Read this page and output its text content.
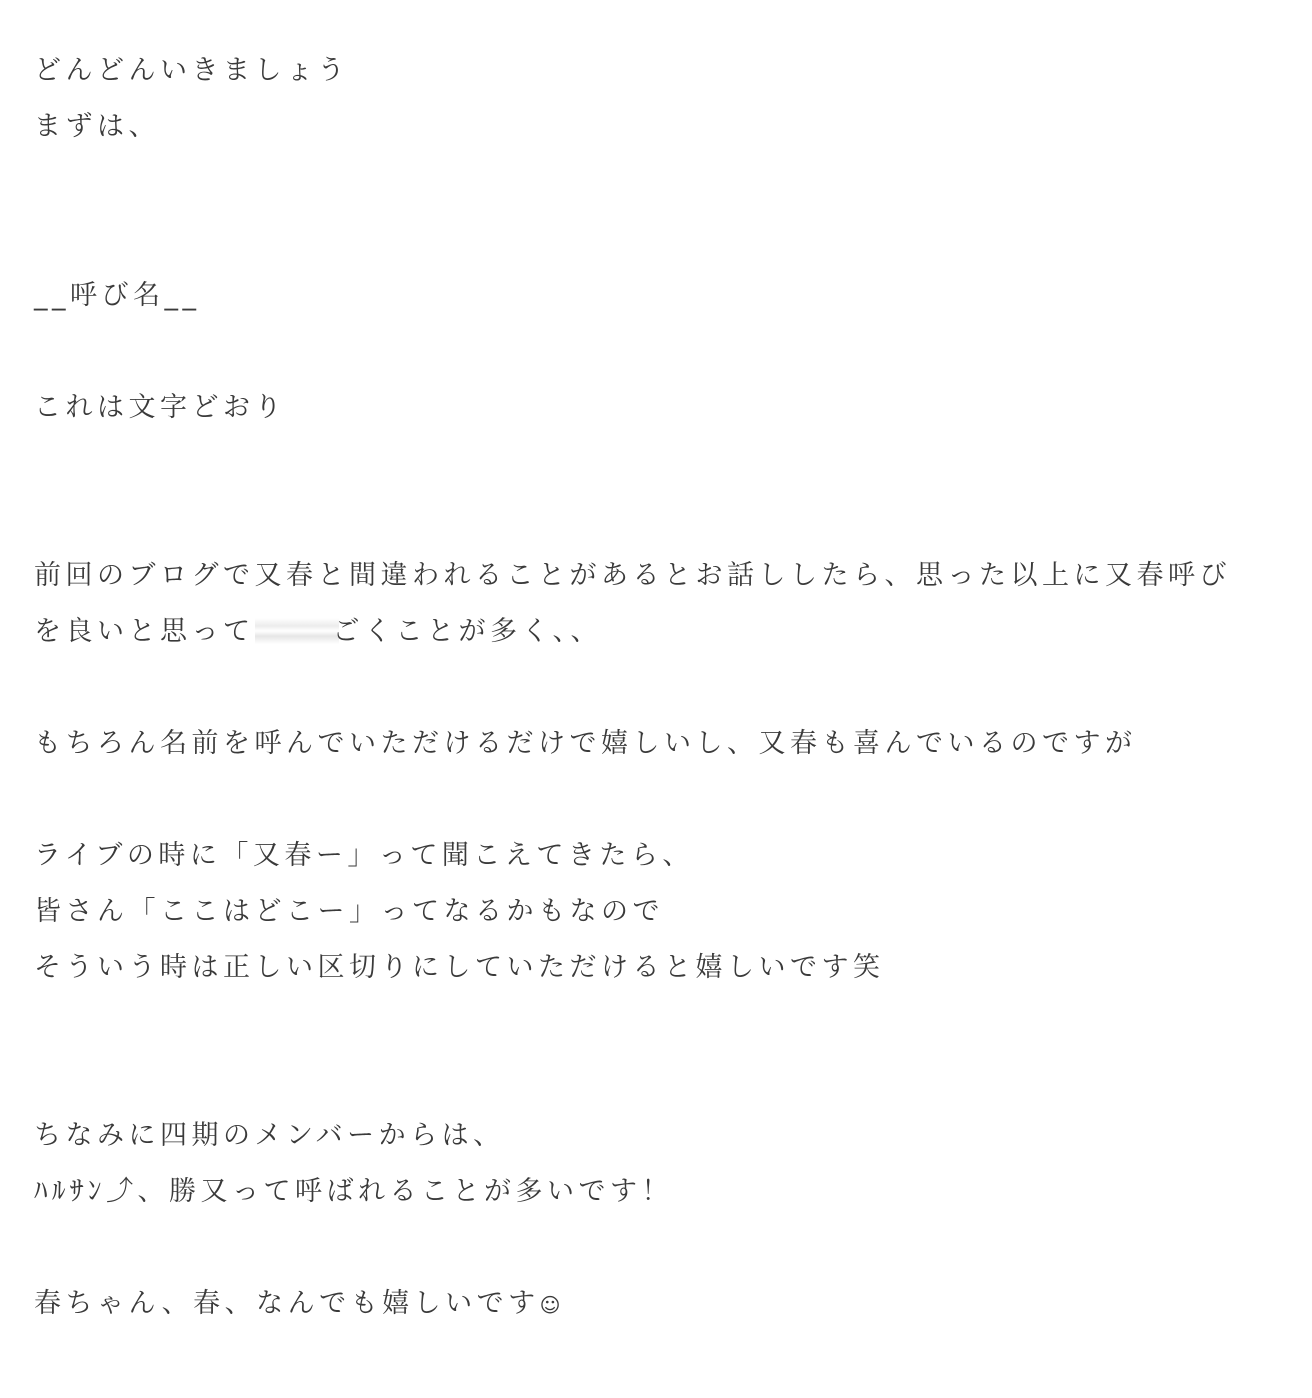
どんどんいきましょう
まずは、
__呼び名__
これは文字どおり
前回のブログで又春と間違われることがあるとお話ししたら、思った以上に又春呼び
を良いと思って	ごくことが多く、、
もちろん名前を呼んでいただけるだけで嬉しいし、又春も喜んでいるのですが
ライブの時に「又春ー」って聞こえてきたら、
皆さん「ここはどこー」ってなるかもなので
そういう時は正しい区切りにしていただけると嬉しいです笑
ちなみに四期のメンバーからは、
ﾊﾙｻﾝ⤴︎、勝又って呼ばれることが多いです！
春ちゃん、春、なんでも嬉しいです☺︎
